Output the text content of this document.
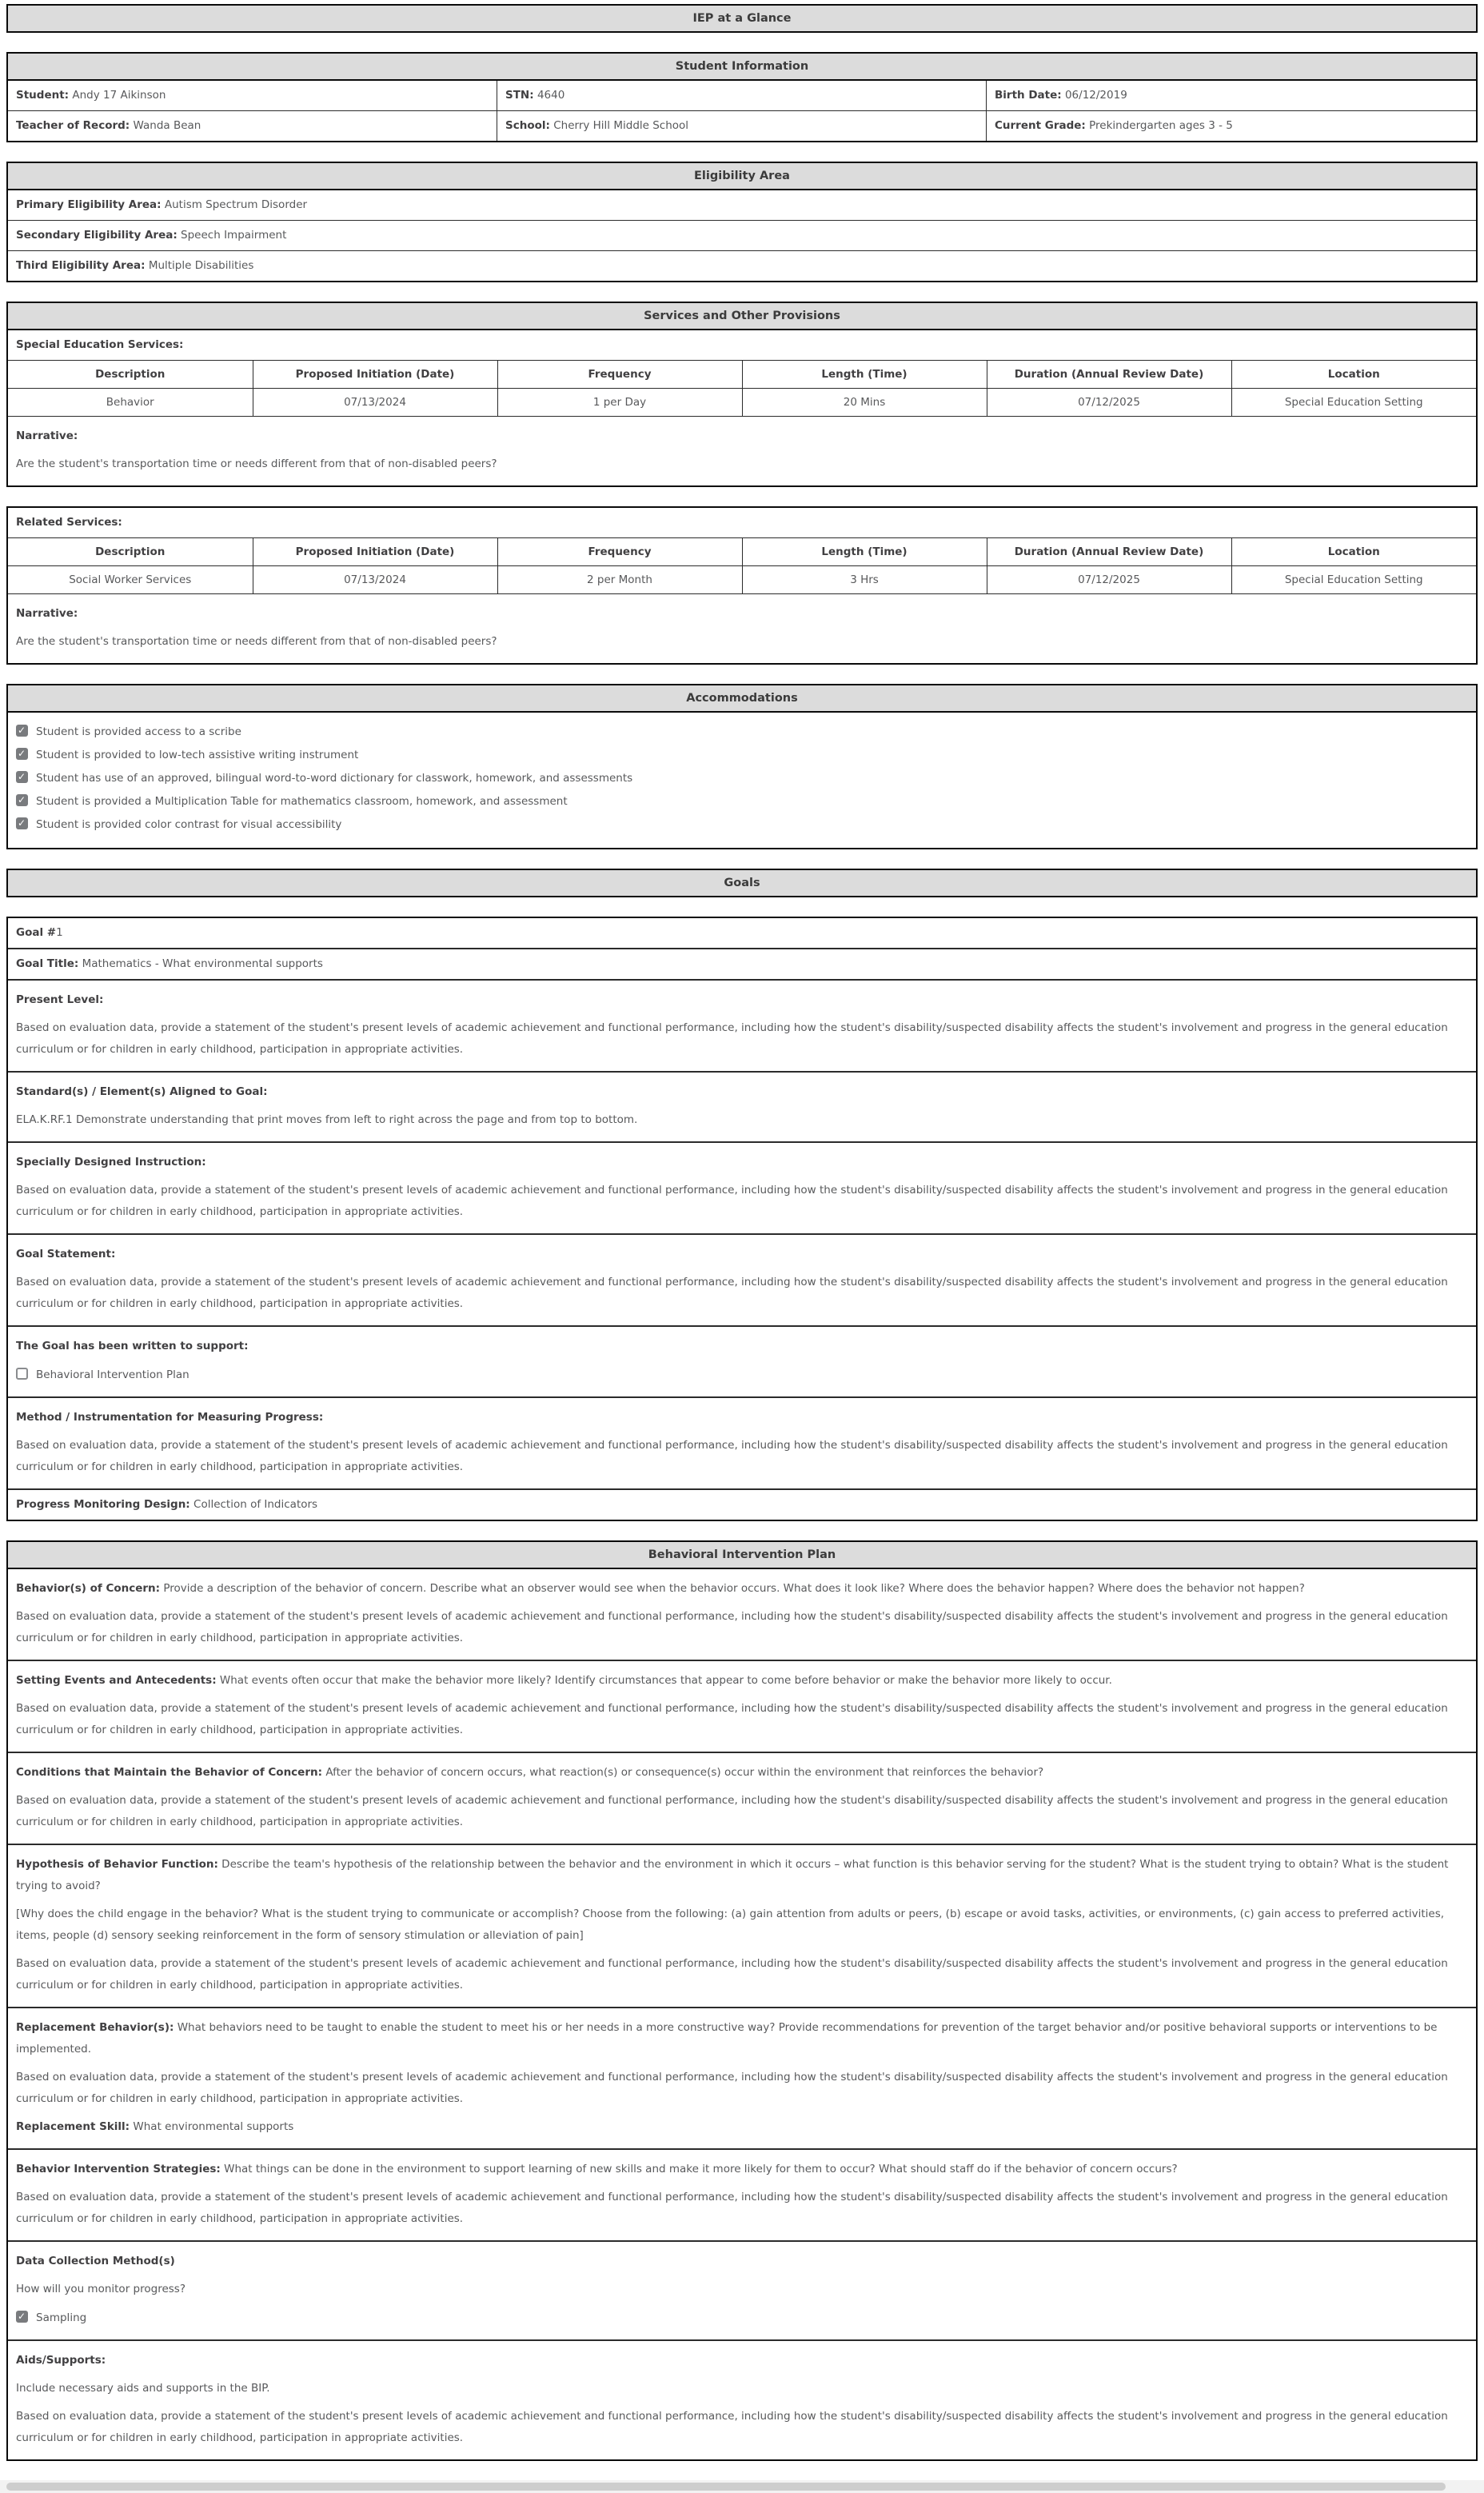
IEP at a Glance
Student Information
Student: Andy 17 Aikinson	STN: 4640	Birth Date: 06/12/2019
Teacher of Record: Wanda Bean	School: Cherry Hill Middle School	Current Grade: Prekindergarten ages 3 - 5
Eligibility Area
Primary Eligibility Area: Autism Spectrum Disorder
Secondary Eligibility Area: Speech Impairment
Third Eligibility Area: Multiple Disabilities
Services and Other Provisions
Special Education Services:
Description	Proposed Initiation (Date)	Frequency	Length (Time)	Duration (Annual Review Date)	Location
Behavior	07/13/2024	1 per Day	20 Mins	07/12/2025	Special Education Setting

Narrative:

Are the student's transportation time or needs different from that of non-disabled peers?

Related Services:
Description	Proposed Initiation (Date)	Frequency	Length (Time)	Duration (Annual Review Date)	Location
Social Worker Services	07/13/2024	2 per Month	3 Hrs	07/12/2025	Special Education Setting

Narrative:

Are the student's transportation time or needs different from that of non-disabled peers?

Accommodations

✓Student is provided access to a scribe

✓Student is provided to low-tech assistive writing instrument

✓Student has use of an approved, bilingual word-to-word dictionary for classwork, homework, and assessments

✓Student is provided a Multiplication Table for mathematics classroom, homework, and assessment

✓Student is provided color contrast for visual accessibility

Goals
Goal #1
Goal Title: Mathematics - What environmental supports

Present Level:

Based on evaluation data, provide a statement of the student's present levels of academic achievement and functional performance, including how the student's disability/suspected disability affects the student's involvement and progress in the general education curriculum or for children in early childhood, participation in appropriate activities.

Standard(s) / Element(s) Aligned to Goal:

ELA.K.RF.1 Demonstrate understanding that print moves from left to right across the page and from top to bottom.

Specially Designed Instruction:

Based on evaluation data, provide a statement of the student's present levels of academic achievement and functional performance, including how the student's disability/suspected disability affects the student's involvement and progress in the general education curriculum or for children in early childhood, participation in appropriate activities.

Goal Statement:

Based on evaluation data, provide a statement of the student's present levels of academic achievement and functional performance, including how the student's disability/suspected disability affects the student's involvement and progress in the general education curriculum or for children in early childhood, participation in appropriate activities.

The Goal has been written to support:

Behavioral Intervention Plan

Method / Instrumentation for Measuring Progress:

Based on evaluation data, provide a statement of the student's present levels of academic achievement and functional performance, including how the student's disability/suspected disability affects the student's involvement and progress in the general education curriculum or for children in early childhood, participation in appropriate activities.

Progress Monitoring Design: Collection of Indicators
Behavioral Intervention Plan

Behavior(s) of Concern: Provide a description of the behavior of concern. Describe what an observer would see when the behavior occurs. What does it look like? Where does the behavior happen? Where does the behavior not happen?

Based on evaluation data, provide a statement of the student's present levels of academic achievement and functional performance, including how the student's disability/suspected disability affects the student's involvement and progress in the general education curriculum or for children in early childhood, participation in appropriate activities.

Setting Events and Antecedents: What events often occur that make the behavior more likely? Identify circumstances that appear to come before behavior or make the behavior more likely to occur.

Based on evaluation data, provide a statement of the student's present levels of academic achievement and functional performance, including how the student's disability/suspected disability affects the student's involvement and progress in the general education curriculum or for children in early childhood, participation in appropriate activities.

Conditions that Maintain the Behavior of Concern: After the behavior of concern occurs, what reaction(s) or consequence(s) occur within the environment that reinforces the behavior?

Based on evaluation data, provide a statement of the student's present levels of academic achievement and functional performance, including how the student's disability/suspected disability affects the student's involvement and progress in the general education curriculum or for children in early childhood, participation in appropriate activities.

Hypothesis of Behavior Function: Describe the team's hypothesis of the relationship between the behavior and the environment in which it occurs – what function is this behavior serving for the student? What is the student trying to obtain? What is the student trying to avoid?

[Why does the child engage in the behavior? What is the student trying to communicate or accomplish? Choose from the following: (a) gain attention from adults or peers, (b) escape or avoid tasks, activities, or environments, (c) gain access to preferred activities, items, people (d) sensory seeking reinforcement in the form of sensory stimulation or alleviation of pain]

Based on evaluation data, provide a statement of the student's present levels of academic achievement and functional performance, including how the student's disability/suspected disability affects the student's involvement and progress in the general education curriculum or for children in early childhood, participation in appropriate activities.

Replacement Behavior(s): What behaviors need to be taught to enable the student to meet his or her needs in a more constructive way? Provide recommendations for prevention of the target behavior and/or positive behavioral supports or interventions to be implemented.

Based on evaluation data, provide a statement of the student's present levels of academic achievement and functional performance, including how the student's disability/suspected disability affects the student's involvement and progress in the general education curriculum or for children in early childhood, participation in appropriate activities.

Replacement Skill: What environmental supports

Behavior Intervention Strategies: What things can be done in the environment to support learning of new skills and make it more likely for them to occur? What should staff do if the behavior of concern occurs?

Based on evaluation data, provide a statement of the student's present levels of academic achievement and functional performance, including how the student's disability/suspected disability affects the student's involvement and progress in the general education curriculum or for children in early childhood, participation in appropriate activities.

Data Collection Method(s)

How will you monitor progress?

✓Sampling

Aids/Supports:

Include necessary aids and supports in the BIP.

Based on evaluation data, provide a statement of the student's present levels of academic achievement and functional performance, including how the student's disability/suspected disability affects the student's involvement and progress in the general education curriculum or for children in early childhood, participation in appropriate activities.
